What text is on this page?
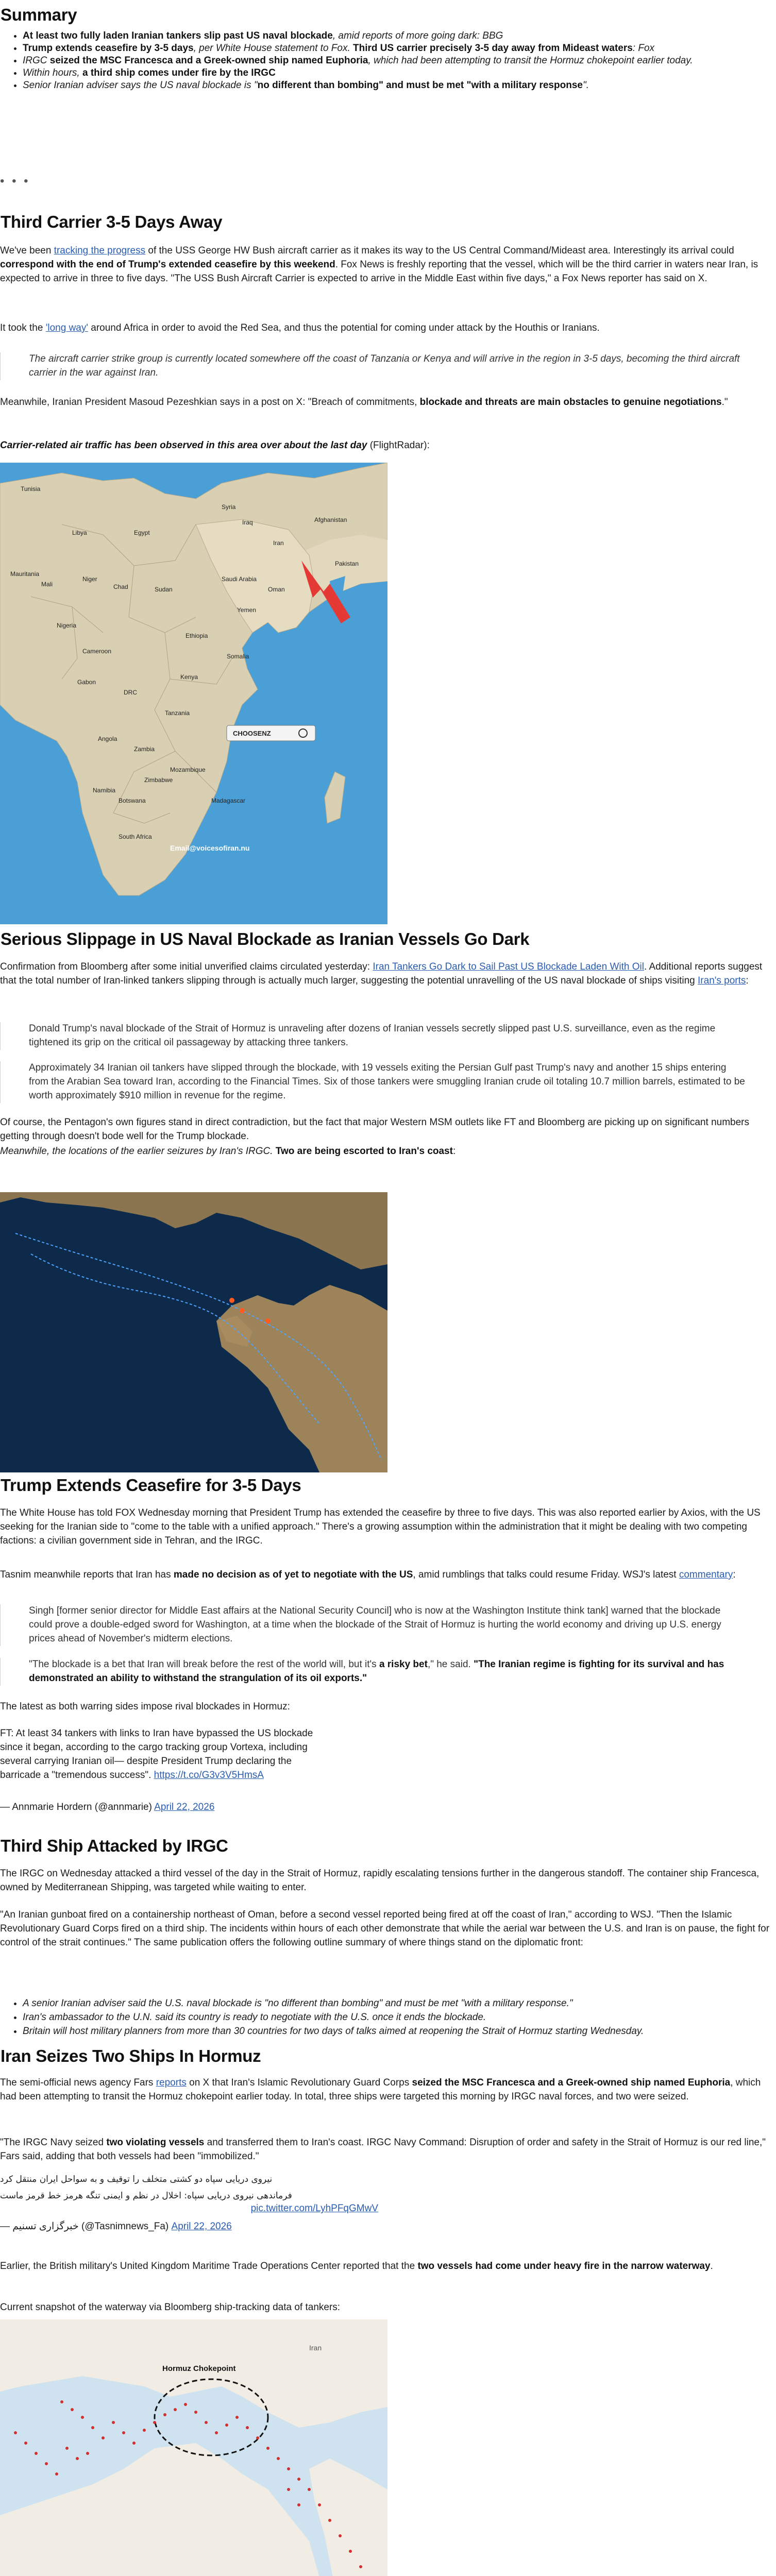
Summary
• At least two fully laden Iranian tankers slip past US naval blockade, amid reports of more going dark: BBG
• Trump extends ceasefire by 3-5 days, per White House statement to Fox. Third US carrier precisely 3-5 day away from Mideast waters: Fox
• IRGC seized the MSC Francesca and a Greek-owned ship named Euphoria, which had been attempting to transit the Hormuz chokepoint earlier today.
• Within hours, a third ship comes under fire by the IRGC
• Senior Iranian adviser says the US naval blockade is "no different than bombing" and must be met "with a military response".
• • •
Third Carrier 3-5 Days Away

We've been tracking the progress of the USS George HW Bush aircraft carrier as it makes its way to the US Central Command/Mideast area. Interestingly its arrival could correspond with the end of Trump's extended ceasefire by this weekend. Fox News is freshly reporting that the vessel, which will be the third carrier in waters near Iran, is expected to arrive in three to five days. "The USS Bush Aircraft Carrier is expected to arrive in the Middle East within five days," a Fox News reporter has said on X.

It took the 'long way' around Africa in order to avoid the Red Sea, and thus the potential for coming under attack by the Houthis or Iranians.

The aircraft carrier strike group is currently located somewhere off the coast of Tanzania or Kenya and will arrive in the region in 3-5 days, becoming the third aircraft carrier in the war against Iran.

Meanwhile, Iranian President Masoud Pezeshkian says in a post on X: "Breach of commitments, blockade and threats are main obstacles to genuine negotiations."

Carrier-related air traffic has been observed in this area over about the last day (FlightRadar):

Tunisia
Syria
Iraq	Afghanistan
Libya	Egypt
Iran
Saudi Arabia
Pakistan
Oman
Mauritania
Mali
Niger
Chad	Sudan
Yemen
Nigeria
Ethiopia
Somalia
Cameroon
Gabon
DRC
Kenya
Tanzania
Angola
Zambia
Mozambique
Namibia
Botswana
Zimbabwe
Madagascar
South Africa
CHOOSENZ
Email@voicesofiran.nu
Serious Slippage in US Naval Blockade as Iranian Vessels Go Dark

Confirmation from Bloomberg after some initial unverified claims circulated yesterday: Iran Tankers Go Dark to Sail Past US Blockade Laden With Oil. Additional reports suggest that the total number of Iran-linked tankers slipping through is actually much larger, suggesting the potential unravelling of the US naval blockade of ships visiting Iran's ports:

Donald Trump's naval blockade of the Strait of Hormuz is unraveling after dozens of Iranian vessels secretly slipped past U.S. surveillance, even as the regime tightened its grip on the critical oil passageway by attacking three tankers.

Approximately 34 Iranian oil tankers have slipped through the blockade, with 19 vessels exiting the Persian Gulf past Trump's navy and another 15 ships entering from the Arabian Sea toward Iran, according to the Financial Times. Six of those tankers were smuggling Iranian crude oil totaling 10.7 million barrels, estimated to be worth approximately $910 million in revenue for the regime.

Of course, the Pentagon's own figures stand in direct contradiction, but the fact that major Western MSM outlets like FT and Bloomberg are picking up on significant numbers getting through doesn't bode well for the Trump blockade.

Meanwhile, the locations of the earlier seizures by Iran's IRGC. Two are being escorted to Iran's coast:

Trump Extends Ceasefire for 3-5 Days

The White House has told FOX Wednesday morning that President Trump has extended the ceasefire by three to five days. This was also reported earlier by Axios, with the US seeking for the Iranian side to "come to the table with a unified approach." There's a growing assumption within the administration that it might be dealing with two competing factions: a civilian government side in Tehran, and the IRGC.

Tasnim meanwhile reports that Iran has made no decision as of yet to negotiate with the US, amid rumblings that talks could resume Friday. WSJ's latest commentary:

Singh [former senior director for Middle East affairs at the National Security Council] who is now at the Washington Institute think tank] warned that the blockade could prove a double-edged sword for Washington, at a time when the blockade of the Strait of Hormuz is hurting the world economy and driving up U.S. energy prices ahead of November's midterm elections.

"The blockade is a bet that Iran will break before the rest of the world will, but it's a risky bet," he said. "The Iranian regime is fighting for its survival and has demonstrated an ability to withstand the strangulation of its oil exports."

The latest as both warring sides impose rival blockades in Hormuz:

FT: At least 34 tankers with links to Iran have bypassed the US blockade since it began, according to the cargo tracking group Vortexa, including several carrying Iranian oil— despite President Trump declaring the barricade a "tremendous success". https://t.co/G3v3V5HmsA

— Annmarie Hordern (@annmarie) April 22, 2026

Third Ship Attacked by IRGC

The IRGC on Wednesday attacked a third vessel of the day in the Strait of Hormuz, rapidly escalating tensions further in the dangerous standoff. The container ship Francesca, owned by Mediterranean Shipping, was targeted while waiting to enter.

"An Iranian gunboat fired on a containership northeast of Oman, before a second vessel reported being fired at off the coast of Iran," according to WSJ. "Then the Islamic Revolutionary Guard Corps fired on a third ship. The incidents within hours of each other demonstrate that while the aerial war between the U.S. and Iran is on pause, the fight for control of the strait continues." The same publication offers the following outline summary of where things stand on the diplomatic front:

• A senior Iranian adviser said the U.S. naval blockade is "no different than bombing" and must be met "with a military response."
• Iran's ambassador to the U.N. said its country is ready to negotiate with the U.S. once it ends the blockade.
• Britain will host military planners from more than 30 countries for two days of talks aimed at reopening the Strait of Hormuz starting Wednesday.
Iran Seizes Two Ships In Hormuz

The semi-official news agency Fars reports on X that Iran's Islamic Revolutionary Guard Corps seized the MSC Francesca and a Greek-owned ship named Euphoria, which had been attempting to transit the Hormuz chokepoint earlier today. In total, three ships were targeted this morning by IRGC naval forces, and two were seized.

"The IRGC Navy seized two violating vessels and transferred them to Iran's coast. IRGC Navy Command: Disruption of order and safety in the Strait of Hormuz is our red line," Fars said, adding that both vessels had been "immobilized."

نیروی دریایی سپاه دو کشتی متخلف را توقیف و به سواحل ایران منتقل کرد

فرماندهی نیروی دریایی سپاه: اخلال در نظم و ایمنی تنگه هرمز خط قرمز ماست

pic.twitter.com/LyhPFqGMwV

— خبرگزاری تسنیم (@Tasnimnews_Fa) April 22, 2026

Earlier, the British military's United Kingdom Maritime Trade Operations Center reported that the two vessels had come under heavy fire in the narrow waterway.

Current snapshot of the waterway via Bloomberg ship-tracking data of tankers:

Hormuz Chokepoint
Iran
